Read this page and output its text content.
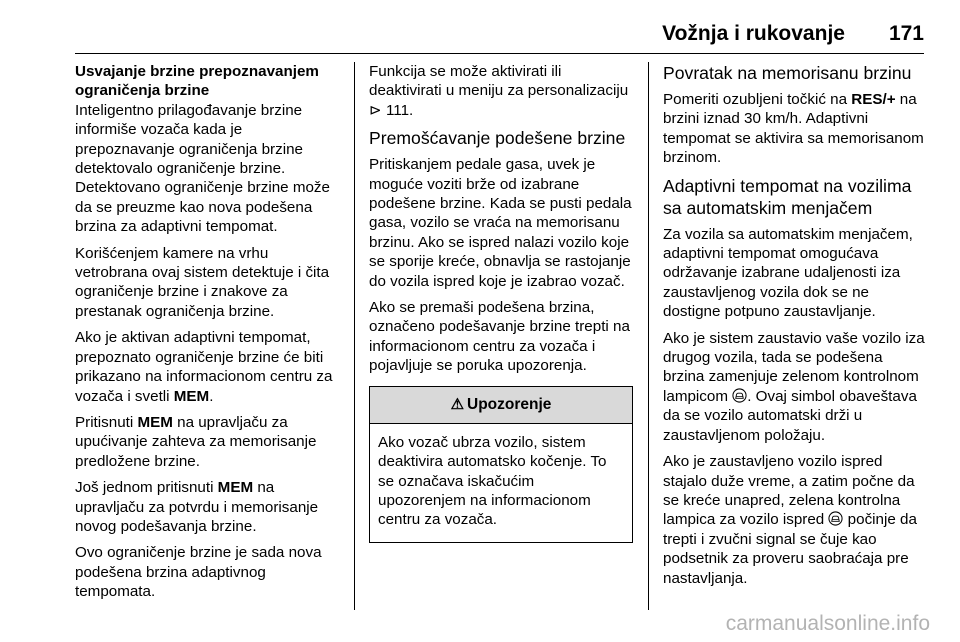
Vožnja i rukovanje 171

Usvajanje brzine prepoznavanjem ograničenja brzine

Inteligentno prilagođavanje brzine informiše vozača kada je prepoznavanje ograničenja brzine detektovalo ograničenje brzine. Detektovano ograničenje brzine može da se preuzme kao nova podešena brzina za adaptivni tempomat.

Korišćenjem kamere na vrhu vetrobrana ovaj sistem detektuje i čita ograničenje brzine i znakove za prestanak ograničenja brzine.

Ako je aktivan adaptivni tempomat, prepoznato ograničenje brzine će biti prikazano na informacionom centru za vozača i svetli MEM.

Pritisnuti MEM na upravljaču za upućivanje zahteva za memorisanje predložene brzine.

Još jednom pritisnuti MEM na upravljaču za potvrdu i memorisanje novog podešavanja brzine.

Ovo ograničenje brzine je sada nova podešena brzina adaptivnog tempomata.

Funkcija se može aktivirati ili deaktivirati u meniju za personalizaciju ⊳ 111.

Premošćavanje podešene brzine

Pritiskanjem pedale gasa, uvek je moguće voziti brže od izabrane podešene brzine. Kada se pusti pedala gasa, vozilo se vraća na memorisanu brzinu. Ako se ispred nalazi vozilo koje se sporije kreće, obnavlja se rastojanje do vozila ispred koje je izabrao vozač.

Ako se premaši podešena brzina, označeno podešavanje brzine trepti na informacionom centru za vozača i pojavljuje se poruka upozorenja.

⚠ Upozorenje
Ako vozač ubrza vozilo, sistem deaktivira automatsko kočenje. To se označava iskačućim upozorenjem na informacionom centru za vozača.
Povratak na memorisanu brzinu

Pomeriti ozubljeni točkić na RES/+ na brzini iznad 30 km/h. Adaptivni tempomat se aktivira sa memorisanom brzinom.

Adaptivni tempomat na vozilima sa automatskim menjačem

Za vozila sa automatskim menjačem, adaptivni tempomat omogućava održavanje izabrane udaljenosti iza zaustavljenog vozila dok se ne dostigne potpuno zaustavljanje.

Ako je sistem zaustavio vaše vozilo iza drugog vozila, tada se podešena brzina zamenjuje zelenom kontrolnom lampicom . Ovaj simbol obaveštava da se vozilo automatski drži u zaustavljenom položaju.

Ako je zaustavljeno vozilo ispred stajalo duže vreme, a zatim počne da se kreće unapred, zelena kontrolna lampica za vozilo ispred  počinje da trepti i zvučni signal se čuje kao podsetnik za proveru saobraćaja pre nastavljanja.

carmanualsonline.info
